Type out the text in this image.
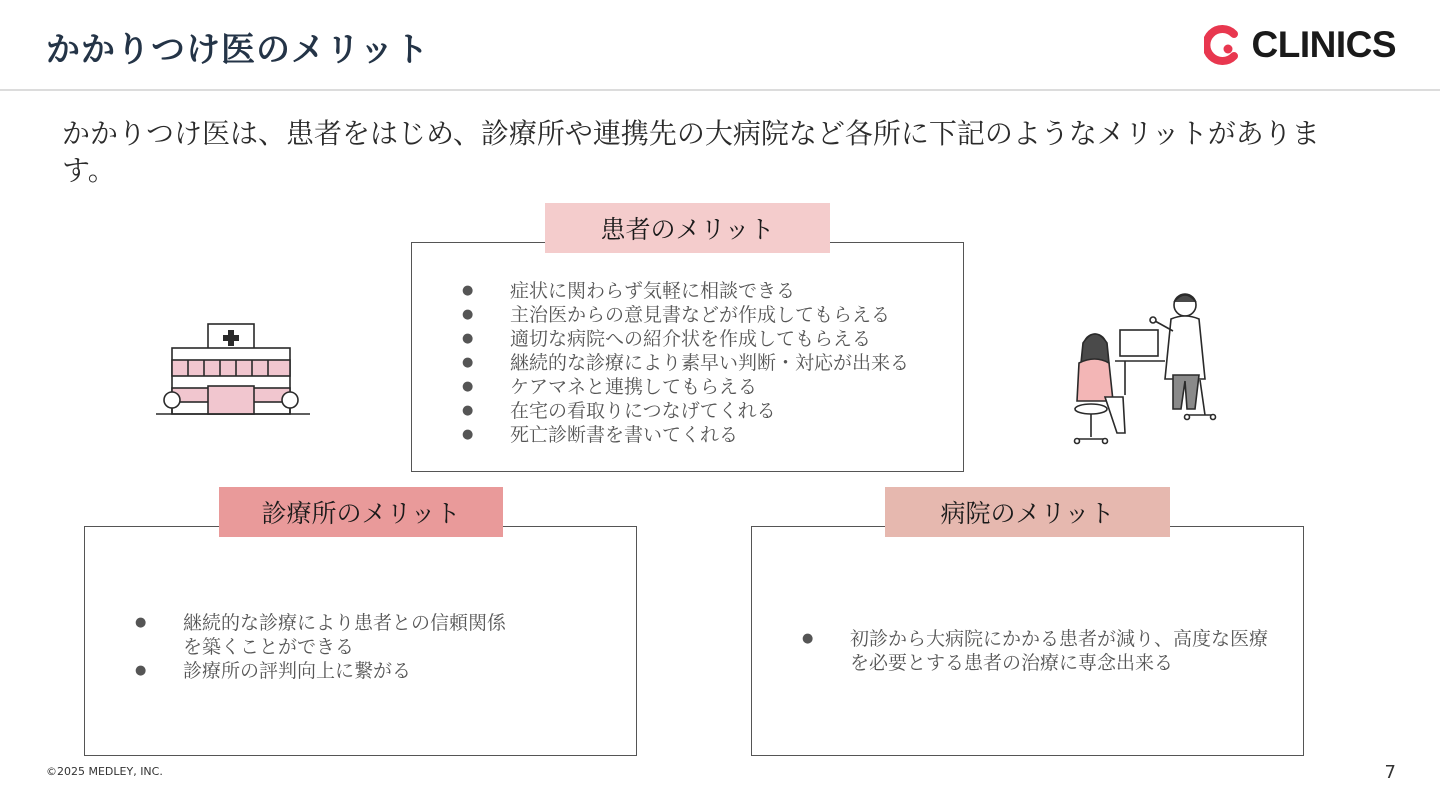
かかりつけ医のメリット	CLINICS
かかりつけ医は、患者をはじめ、診療所や連携先の大病院など各所に下記のようなメリットがあります。
● 症状に関わらず気軽に相談できる
● 主治医からの意見書などが作成してもらえる
● 適切な病院への紹介状を作成してもらえる
● 継続的な診療により素早い判断・対応が出来る
● ケアマネと連携してもらえる
● 在宅の看取りにつなげてくれる
● 死亡診断書を書いてくれる
患者のメリット
● 継続的な診療により患者との信頼関係を築くことができる
● 診療所の評判向上に繋がる
診療所のメリット
● 初診から大病院にかかる患者が減り、高度な医療を必要とする患者の治療に専念出来る
病院のメリット
©2025 MEDLEY, INC.	7
